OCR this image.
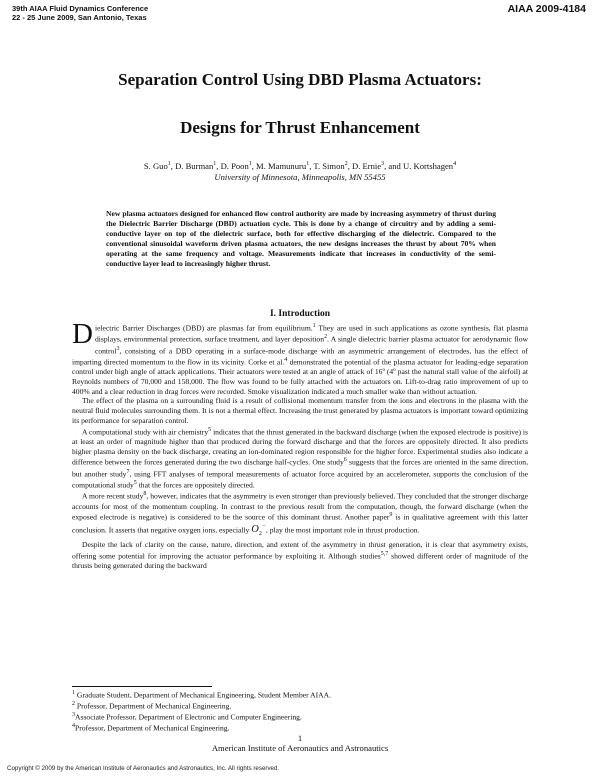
39th AIAA Fluid Dynamics Conference
22 - 25 June 2009, San Antonio, Texas
AIAA 2009-4184
Separation Control Using DBD Plasma Actuators:
Designs for Thrust Enhancement
S. Guo$^1$, D. Burman$^1$, D. Poon$^1$, M. Mamunuru$^1$, T. Simon$^2$, D. Ernie$^3$, and U. Kortshagen$^4$
University of Minnesota, Minneapolis, MN 55455

New plasma actuators designed for enhanced flow control authority are made by increasing asymmetry of thrust during the Dielectric Barrier Discharge (DBD) actuation cycle. This is done by a change of circuitry and by adding a semi-conductive layer on top of the dielectric surface, both for effective discharging of the dielectric. Compared to the conventional sinusoidal waveform driven plasma actuators, the new designs increases the thrust by about 70% when operating at the same frequency and voltage. Measurements indicate that increases in conductivity of the semi-conductive layer lead to increasingly higher thrust.

I. Introduction

Dielectric Barrier Discharges (DBD) are plasmas far from equilibrium.$^1$ They are used in such applications as ozone synthesis, flat plasma displays, environmental protection, surface treatment, and layer deposition$^2$. A single dielectric barrier plasma actuator for aerodynamic flow control$^3$, consisting of a DBD operating in a surface-mode discharge with an asymmetric arrangement of electrodes, has the effect of imparting directed momentum to the flow in its vicinity. Corke et al.$^4$ demonstrated the potential of the plasma actuator for leading-edge separation control under high angle of attack applications. Their actuators were tested at an angle of attack of 16º (4º past the natural stall value of the airfoil) at Reynolds numbers of 70,000 and 158,000. The flow was found to be fully attached with the actuators on. Lift-to-drag ratio improvement of up to 400% and a clear reduction in drag forces were recorded. Smoke visualization indicated a much smaller wake than without actuation.

The effect of the plasma on a surrounding fluid is a result of collisional momentum transfer from the ions and electrons in the plasma with the neutral fluid molecules surrounding them. It is not a thermal effect. Increasing the trust generated by plasma actuators is important toward optimizing its performance for separation control.

A computational study with air chemistry$^5$ indicates that the thrust generated in the backward discharge (when the exposed electrode is positive) is at least an order of magnitude higher than that produced during the forward discharge and that the forces are oppositely directed. It also predicts higher plasma density on the back discharge, creating an ion-dominated region responsible for the higher force. Experimental studies also indicate a difference between the forces generated during the two discharge half-cycles. One study$^6$ suggests that the forces are oriented in the same direction, but another study$^7$, using FFT analyses of temporal measurements of actuator force acquired by an accelerometer, supports the conclusion of the computational study$^5$ that the forces are oppositely directed.

A more recent study$^8$, however, indicates that the asymmetry is even stronger than previously believed. They concluded that the stronger discharge accounts for most of the momentum coupling. In contrast to the previous result from the computation, though, the forward discharge (when the exposed electrode is negative) is considered to be the source of this dominant thrust. Another paper$^9$ is in qualitative agreement with this latter conclusion. It asserts that negative oxygen ions, especially $O_2^-$, play the most important role in thrust production.

Despite the lack of clarity on the cause, nature, direction, and extent of the asymmetry in thrust generation, it is clear that asymmetry exists, offering some potential for improving the actuator performance by exploiting it. Although studies$^{5,7}$ showed different order of magnitude of the thrusts being generated during the backward

$^1$ Graduate Student, Department of Mechanical Engineering, Student Member AIAA.
$^2$ Professor, Department of Mechanical Engineering.
$^3$Associate Professor, Department of Electronic and Computer Engineering.
$^4$Professor, Department of Mechanical Engineering.
1
American Institute of Aeronautics and Astronautics
Copyright © 2009 by the American Institute of Aeronautics and Astronautics, Inc. All rights reserved.
